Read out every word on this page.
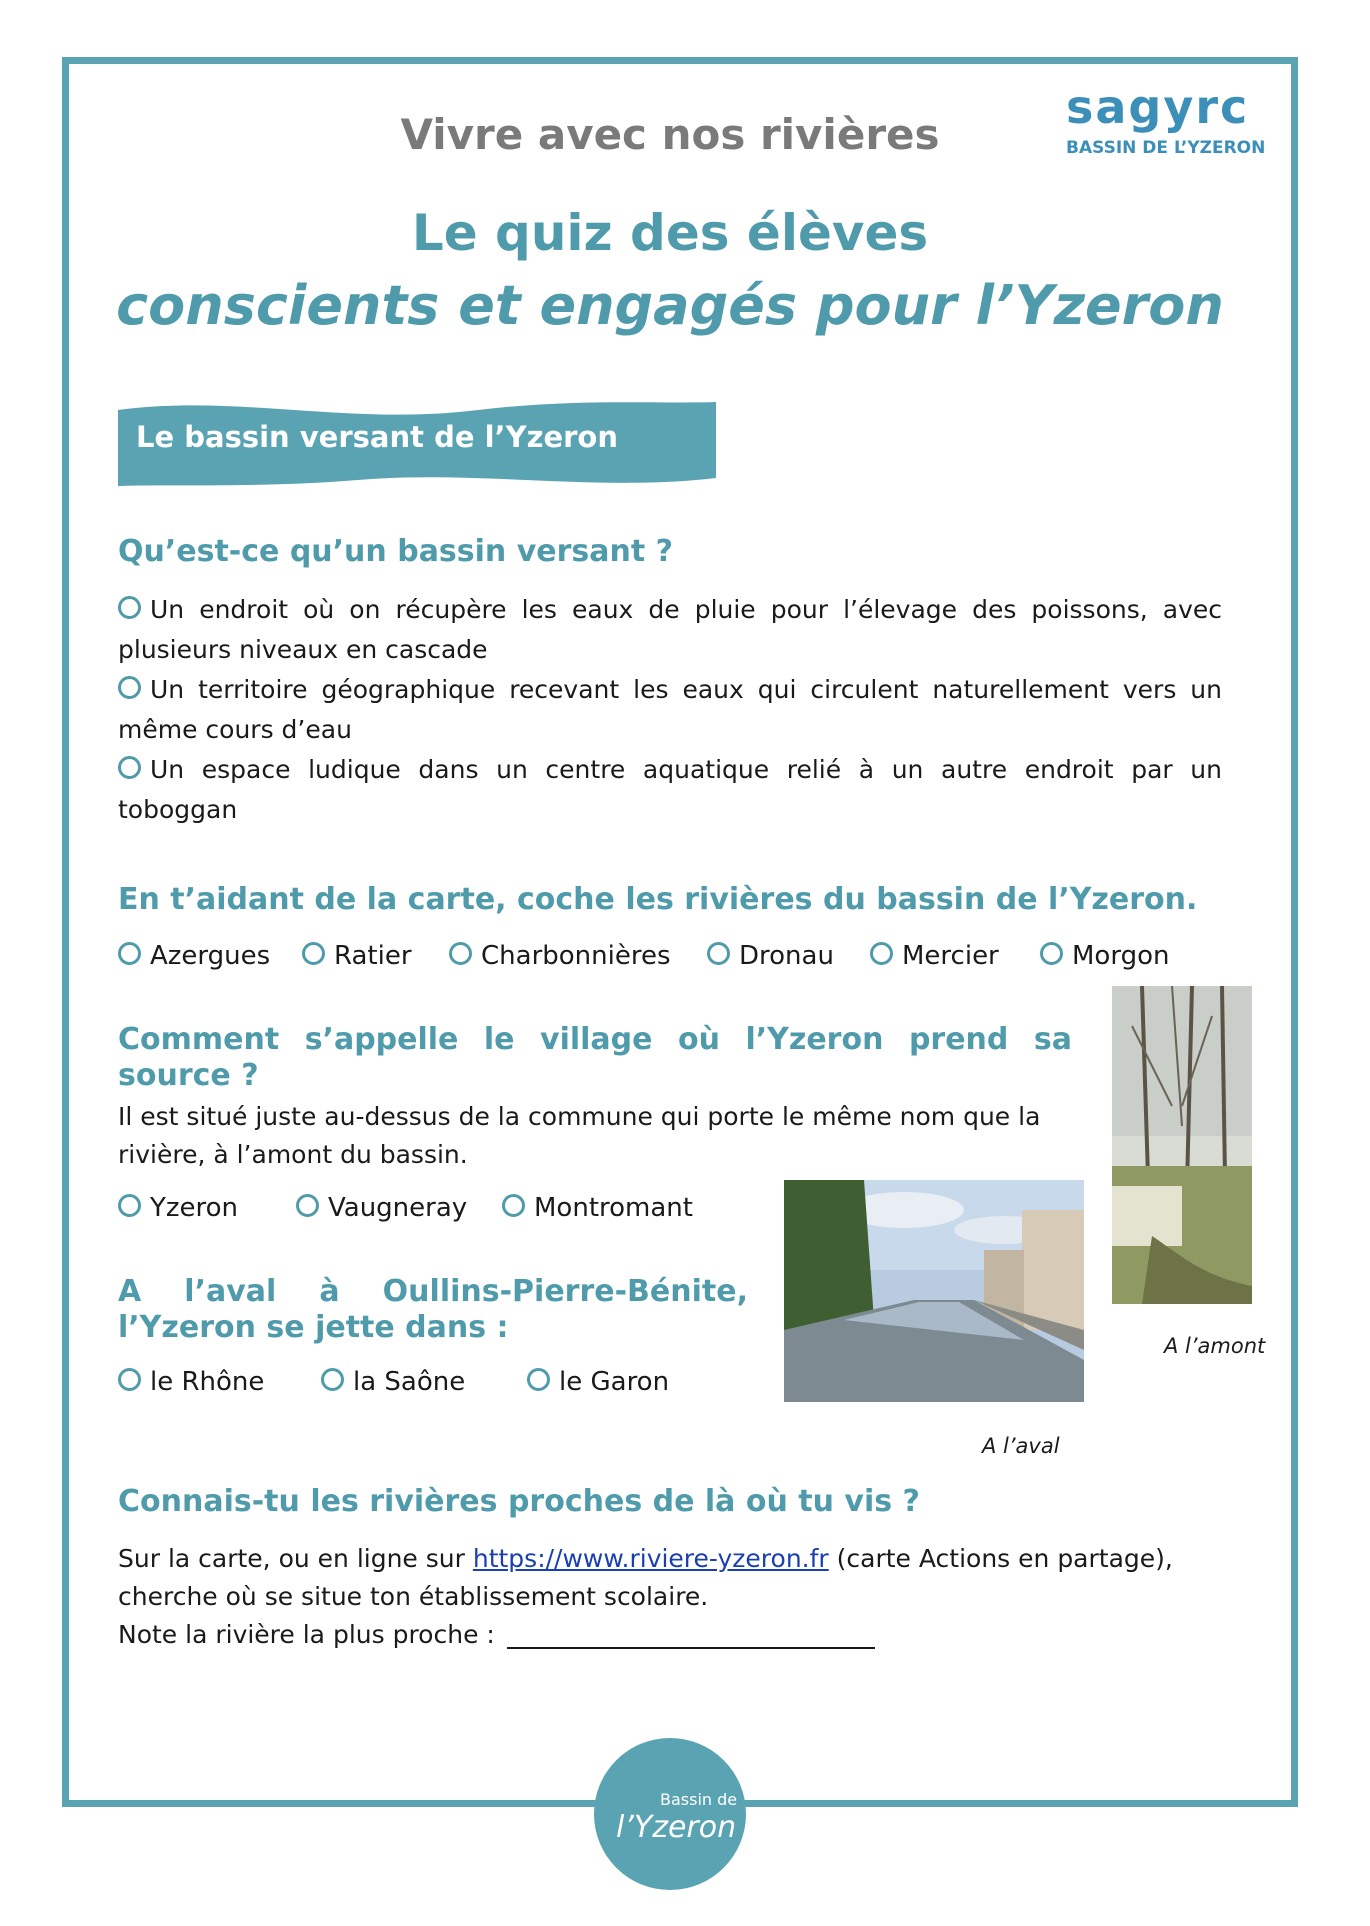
sagyrc
BASSIN DE L’YZERON
Vivre avec nos rivières
Le quiz des élèves
conscients et engagés pour l’Yzeron
Le bassin versant de l’Yzeron
Qu’est-ce qu’un bassin versant ?
Un endroit où on récupère les eaux de pluie pour l’élevage des poissons, avec plusieurs niveaux en cascade
Un territoire géographique recevant les eaux qui circulent naturellement vers un même cours d’eau
Un espace ludique dans un centre aquatique relié à un autre endroit par un toboggan
En t’aidant de la carte, coche les rivières du bassin de l’Yzeron.
Azergues	Ratier	Charbonnières	Dronau	Mercier	Morgon
Comment s’appelle le village où l’Yzeron prend sa source ?
Il est situé juste au-dessus de la commune qui porte le même nom que la rivière, à l’amont du bassin.
Yzeron	Vaugneray	Montromant
A l’aval à Oullins-Pierre-Bénite, l’Yzeron se jette dans :
le Rhône	la Saône	le Garon
A l’amont
A l’aval
Connais-tu les rivières proches de là où tu vis ?
Sur la carte, ou en ligne sur https://www.riviere-yzeron.fr (carte Actions en partage), cherche où se situe ton établissement scolaire.
Note la rivière la plus proche :
Bassin de
l’Yzeron
